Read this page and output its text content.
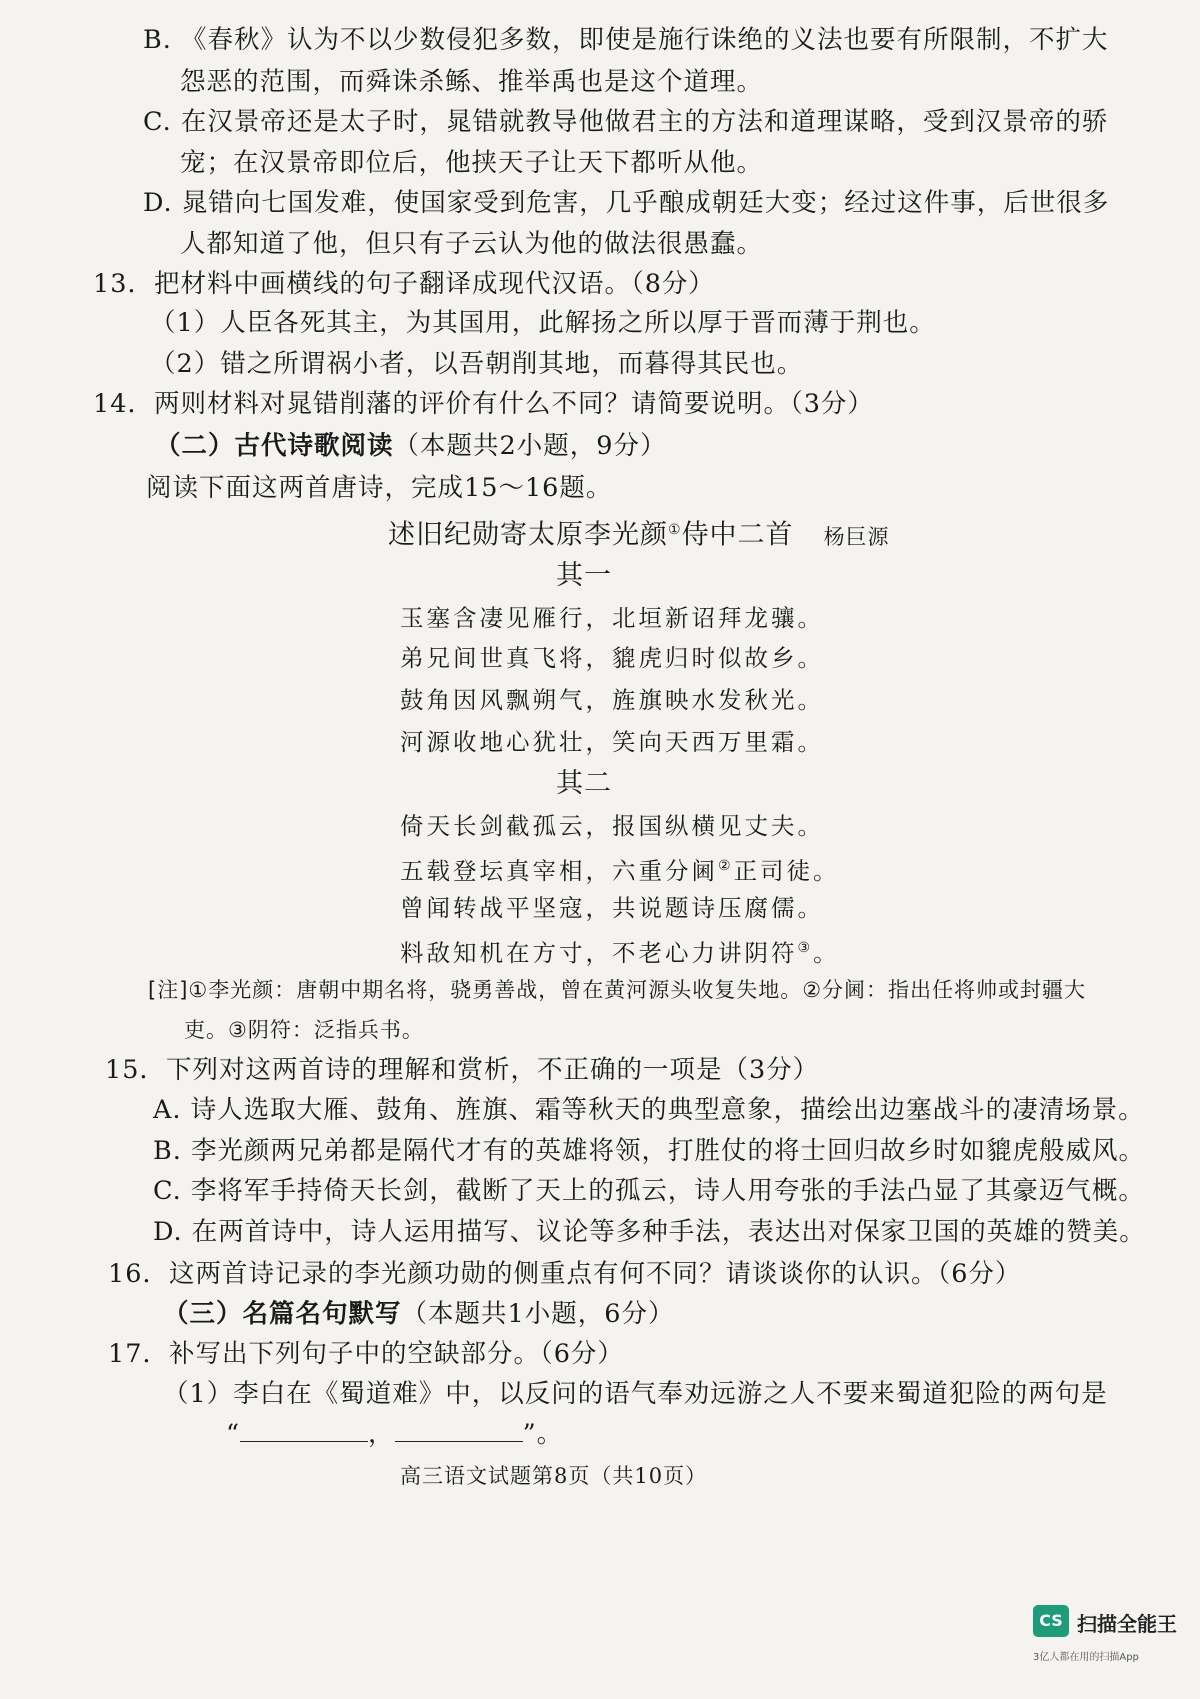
B. 《春秋》认为不以少数侵犯多数，即使是施行诛绝的义法也要有所限制，不扩大
怨恶的范围，而舜诛杀鲧、推举禹也是这个道理。
C. 在汉景帝还是太子时，晁错就教导他做君主的方法和道理谋略，受到汉景帝的骄
宠；在汉景帝即位后，他挟天子让天下都听从他。
D. 晁错向七国发难，使国家受到危害，几乎酿成朝廷大变；经过这件事，后世很多
人都知道了他，但只有子云认为他的做法很愚蠢。
13．把材料中画横线的句子翻译成现代汉语。（8分）
（1）人臣各死其主，为其国用，此解扬之所以厚于晋而薄于荆也。
（2）错之所谓祸小者，以吾朝削其地，而暮得其民也。
14．两则材料对晁错削藩的评价有什么不同？请简要说明。（3分）
（二）古代诗歌阅读（本题共2小题，9分）
阅读下面这两首唐诗，完成15～16题。
述旧纪勋寄太原李光颜①侍中二首 杨巨源
其一
玉塞含凄见雁行，北垣新诏拜龙骧。
弟兄间世真飞将，貔虎归时似故乡。
鼓角因风飘朔气，旌旗映水发秋光。
河源收地心犹壮，笑向天西万里霜。
其二
倚天长剑截孤云，报国纵横见丈夫。
五载登坛真宰相，六重分阃②正司徒。
曾闻转战平坚寇，共说题诗压腐儒。
料敌知机在方寸，不老心力讲阴符③。
[注]①李光颜：唐朝中期名将，骁勇善战，曾在黄河源头收复失地。②分阃：指出任将帅或封疆大
吏。③阴符：泛指兵书。
15．下列对这两首诗的理解和赏析，不正确的一项是（3分）
A. 诗人选取大雁、鼓角、旌旗、霜等秋天的典型意象，描绘出边塞战斗的凄清场景。
B. 李光颜两兄弟都是隔代才有的英雄将领，打胜仗的将士回归故乡时如貔虎般威风。
C. 李将军手持倚天长剑，截断了天上的孤云，诗人用夸张的手法凸显了其豪迈气概。
D. 在两首诗中，诗人运用描写、议论等多种手法，表达出对保家卫国的英雄的赞美。
16．这两首诗记录的李光颜功勋的侧重点有何不同？请谈谈你的认识。（6分）
（三）名篇名句默写（本题共1小题，6分）
17．补写出下列句子中的空缺部分。（6分）
（1）李白在《蜀道难》中，以反问的语气奉劝远游之人不要来蜀道犯险的两句是
“	，	”。
高三语文试题第8页（共10页）
CS 扫描全能王
3亿人都在用的扫描App
